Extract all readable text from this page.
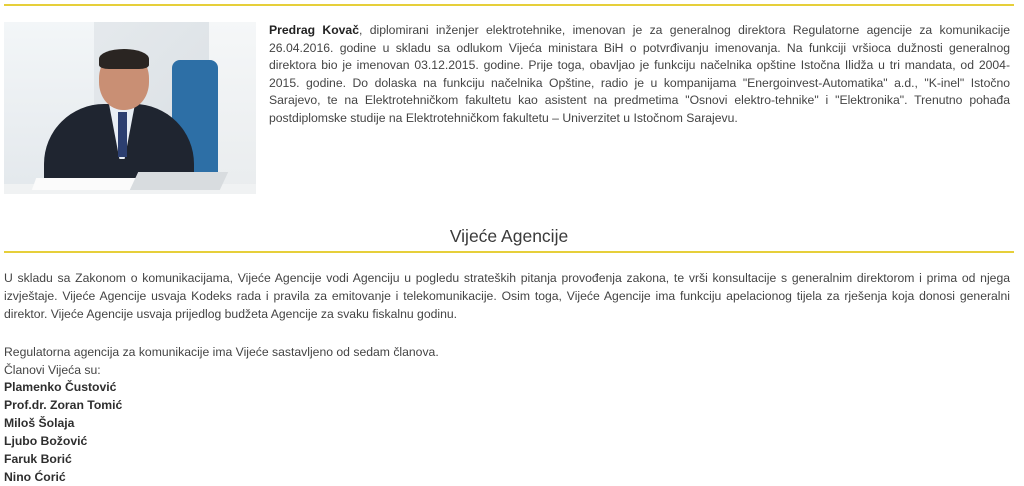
Predrag Kovač, diplomirani inženjer elektrotehnike, imenovan je za generalnog direktora Regulatorne agencije za komunikacije 26.04.2016. godine u skladu sa odlukom Vijeća ministara BiH o potvrđivanju imenovanja. Na funkciji vršioca dužnosti generalnog direktora bio je imenovan 03.12.2015. godine. Prije toga, obavljao je funkciju načelnika opštine Istočna Ilidža u tri mandata, od 2004-2015. godine. Do dolaska na funkciju načelnika Opštine, radio je u kompanijama "Energoinvest-Automatika" a.d., "K-inel" Istočno Sarajevo, te na Elektrotehničkom fakultetu kao asistent na predmetima "Osnovi elektro-tehnike" i "Elektronika". Trenutno pohađa postdiplomske studije na Elektrotehničkom fakultetu – Univerzitet u Istočnom Sarajevu.
Vijeće Agencije
U skladu sa Zakonom o komunikacijama, Vijeće Agencije vodi Agenciju u pogledu strateških pitanja provođenja zakona, te vrši konsultacije s generalnim direktorom i prima od njega izvještaje. Vijeće Agencije usvaja Kodeks rada i pravila za emitovanje i telekomunikacije. Osim toga, Vijeće Agencije ima funkciju apelacionog tijela za rješenja koja donosi generalni direktor. Vijeće Agencije usvaja prijedlog budžeta Agencije za svaku fiskalnu godinu.
Regulatorna agencija za komunikacije ima Vijeće sastavljeno od sedam članova.
Članovi Vijeća su:
Plamenko Čustović
Prof.dr. Zoran Tomić
Miloš Šolaja
Ljubo Božović
Faruk Borić
Nino Ćorić
